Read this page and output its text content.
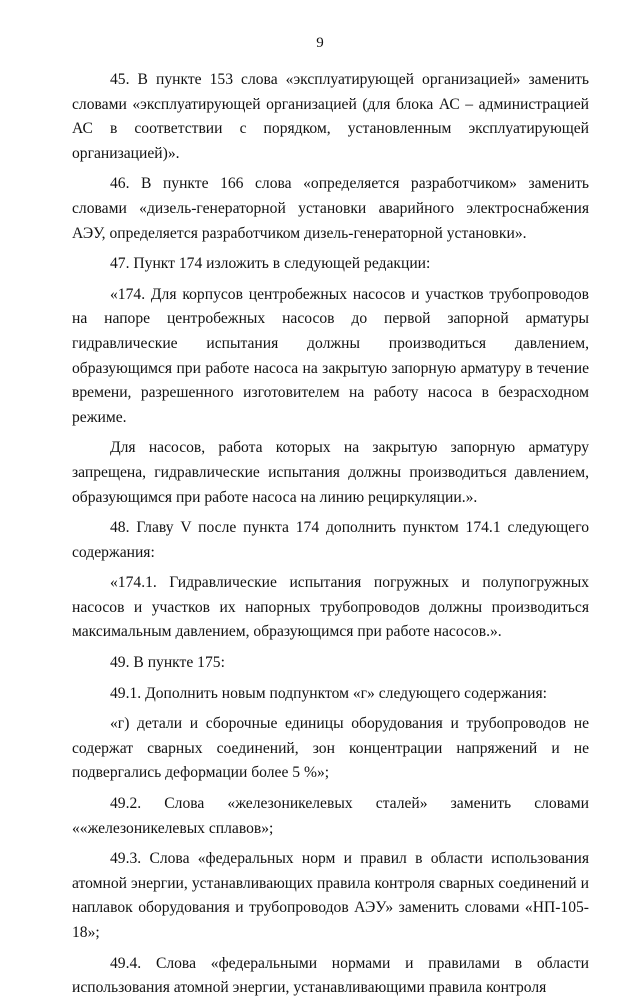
9

45. В пункте 153 слова «эксплуатирующей организацией» заменить словами «эксплуатирующей организацией (для блока АС – администрацией АС в соответствии с порядком, установленным эксплуатирующей организацией)».

46. В пункте 166 слова «определяется разработчиком» заменить словами «дизель-генераторной установки аварийного электроснабжения АЭУ, определяется разработчиком дизель-генераторной установки».

47. Пункт 174 изложить в следующей редакции:

«174. Для корпусов центробежных насосов и участков трубопроводов на напоре центробежных насосов до первой запорной арматуры гидравлические испытания должны производиться давлением, образующимся при работе насоса на закрытую запорную арматуру в течение времени, разрешенного изготовителем на работу насоса в безрасходном режиме.

Для насосов, работа которых на закрытую запорную арматуру запрещена, гидравлические испытания должны производиться давлением, образующимся при работе насоса на линию рециркуляции.».

48. Главу V после пункта 174 дополнить пунктом 174.1 следующего содержания:

«174.1. Гидравлические испытания погружных и полупогружных насосов и участков их напорных трубопроводов должны производиться максимальным давлением, образующимся при работе насосов.».

49. В пункте 175:

49.1. Дополнить новым подпунктом «г» следующего содержания:

«г) детали и сборочные единицы оборудования и трубопроводов не содержат сварных соединений, зон концентрации напряжений и не подвергались деформации более 5 %»;

49.2. Слова «железоникелевых сталей» заменить словами ««железоникелевых сплавов»;

49.3. Слова «федеральных норм и правил в области использования атомной энергии, устанавливающих правила контроля сварных соединений и наплавок оборудования и трубопроводов АЭУ» заменить словами «НП-105-18»;

49.4. Слова «федеральными нормами и правилами в области использования атомной энергии, устанавливающими правила контроля
